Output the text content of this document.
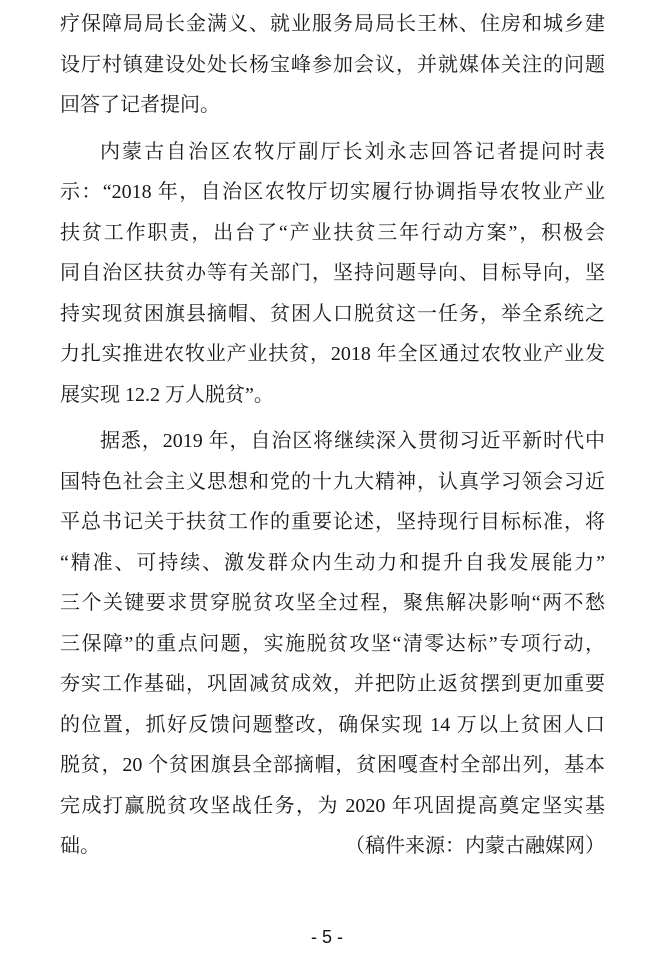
疗保障局局长金满义、就业服务局局长王林、住房和城乡建
设厅村镇建设处处长杨宝峰参加会议，并就媒体关注的问题
回答了记者提问。
内蒙古自治区农牧厅副厅长刘永志回答记者提问时表
示：“2018 年，自治区农牧厅切实履行协调指导农牧业产业
扶贫工作职责，出台了“产业扶贫三年行动方案”，积极会
同自治区扶贫办等有关部门，坚持问题导向、目标导向，坚
持实现贫困旗县摘帽、贫困人口脱贫这一任务，举全系统之
力扎实推进农牧业产业扶贫，2018 年全区通过农牧业产业发
展实现 12.2 万人脱贫”。
据悉，2019 年，自治区将继续深入贯彻习近平新时代中
国特色社会主义思想和党的十九大精神，认真学习领会习近
平总书记关于扶贫工作的重要论述，坚持现行目标标准，将
“精准、可持续、激发群众内生动力和提升自我发展能力”
三个关键要求贯穿脱贫攻坚全过程，聚焦解决影响“两不愁
三保障”的重点问题，实施脱贫攻坚“清零达标”专项行动，
夯实工作基础，巩固减贫成效，并把防止返贫摆到更加重要
的位置，抓好反馈问题整改，确保实现 14 万以上贫困人口
脱贫，20 个贫困旗县全部摘帽，贫困嘎查村全部出列，基本
完成打赢脱贫攻坚战任务，为 2020 年巩固提高奠定坚实基
础。	（稿件来源：内蒙古融媒网）
- 5 -
